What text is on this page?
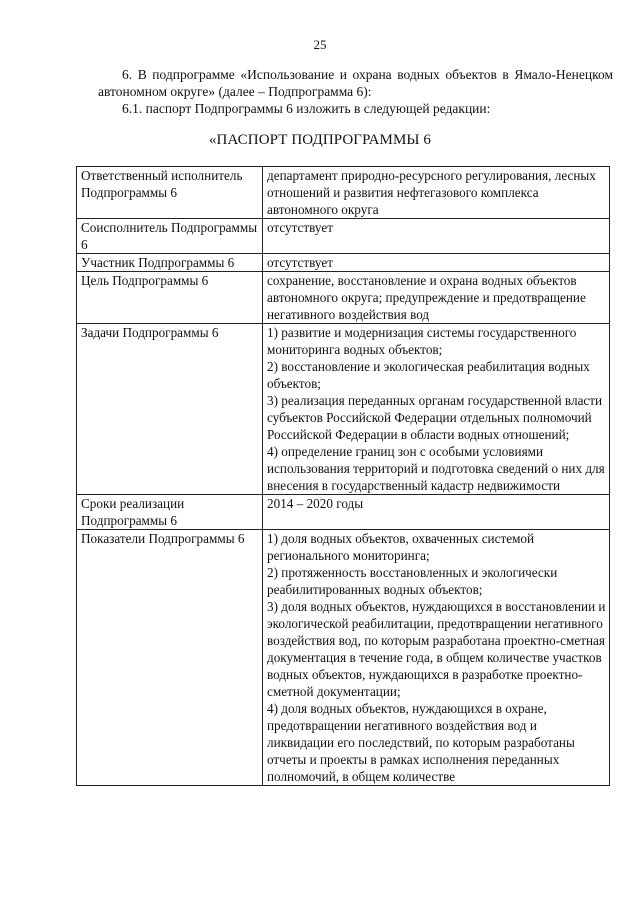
25

6. В подпрограмме «Использование и охрана водных объектов в Ямало-Ненецком автономном округе» (далее – Подпрограмма 6):

6.1. паспорт Подпрограммы 6 изложить в следующей редакции:

«ПАСПОРТ ПОДПРОГРАММЫ 6
Ответственный исполнитель Подпрограммы 6	департамент природно-ресурсного регулирования, лесных отношений и развития нефтегазового комплекса автономного округа

Соисполнитель Подпрограммы 6	отсутствует

Участник Подпрограммы 6	отсутствует

Цель Подпрограммы 6	сохранение, восстановление и охрана водных объектов автономного округа; предупреждение и предотвращение негативного воздействия вод

Задачи Подпрограммы 6	1) развитие и модернизация системы государственного мониторинга водных объектов;
2) восстановление и экологическая реабилитация водных объектов;
3) реализация переданных органам государственной власти субъектов Российской Федерации отдельных полномочий Российской Федерации в области водных отношений;
4) определение границ зон с особыми условиями использования территорий и подготовка сведений о них для внесения в государственный кадастр недвижимости

Сроки реализации Подпрограммы 6	2014 – 2020 годы

Показатели Подпрограммы 6	1) доля водных объектов, охваченных системой регионального мониторинга;
2) протяженность восстановленных и экологически реабилитированных водных объектов;
3) доля водных объектов, нуждающихся в восстановлении и экологической реабилитации, предотвращении негативного воздействия вод, по которым разработана проектно-сметная документация в течение года, в общем количестве участков водных объектов, нуждающихся в разработке проектно-сметной документации;
4) доля водных объектов, нуждающихся в охране, предотвращении негативного воздействия вод и ликвидации его последствий, по которым разработаны отчеты и проекты в рамках исполнения переданных полномочий, в общем количестве
